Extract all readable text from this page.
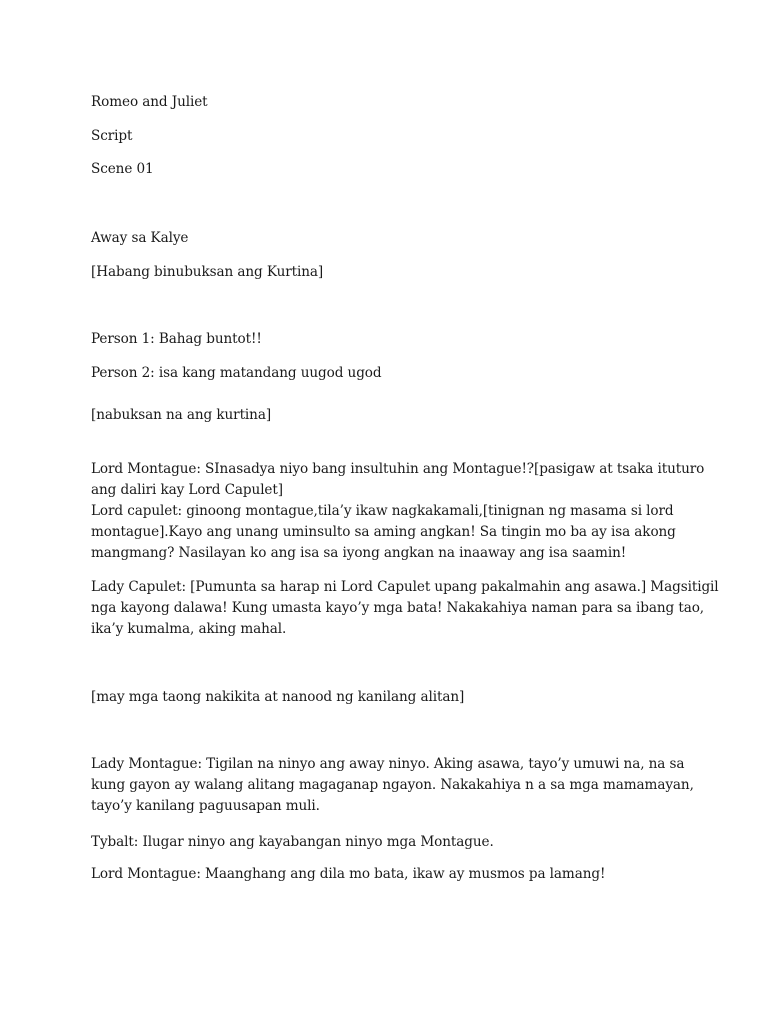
Romeo and Juliet
Script
Scene 01
Away sa Kalye
[Habang binubuksan ang Kurtina]
Person 1: Bahag buntot!!
Person 2: isa kang matandang uugod ugod
[nabuksan na ang kurtina]
Lord Montague: SInasadya niyo bang insultuhin ang Montague!?[pasigaw at tsaka ituturo
ang daliri kay Lord Capulet]
Lord capulet: ginoong montague,tila’y ikaw nagkakamali,[tinignan ng masama si lord
montague].Kayo ang unang uminsulto sa aming angkan! Sa tingin mo ba ay isa akong
mangmang? Nasilayan ko ang isa sa iyong angkan na inaaway ang isa saamin!
Lady Capulet: [Pumunta sa harap ni Lord Capulet upang pakalmahin ang asawa.] Magsitigil
nga kayong dalawa! Kung umasta kayo’y mga bata! Nakakahiya naman para sa ibang tao,
ika’y kumalma, aking mahal.
[may mga taong nakikita at nanood ng kanilang alitan]
Lady Montague: Tigilan na ninyo ang away ninyo. Aking asawa, tayo’y umuwi na, na sa
kung gayon ay walang alitang magaganap ngayon. Nakakahiya n a sa mga mamamayan,
tayo’y kanilang paguusapan muli.
Tybalt: Ilugar ninyo ang kayabangan ninyo mga Montague.
Lord Montague: Maanghang ang dila mo bata, ikaw ay musmos pa lamang!
